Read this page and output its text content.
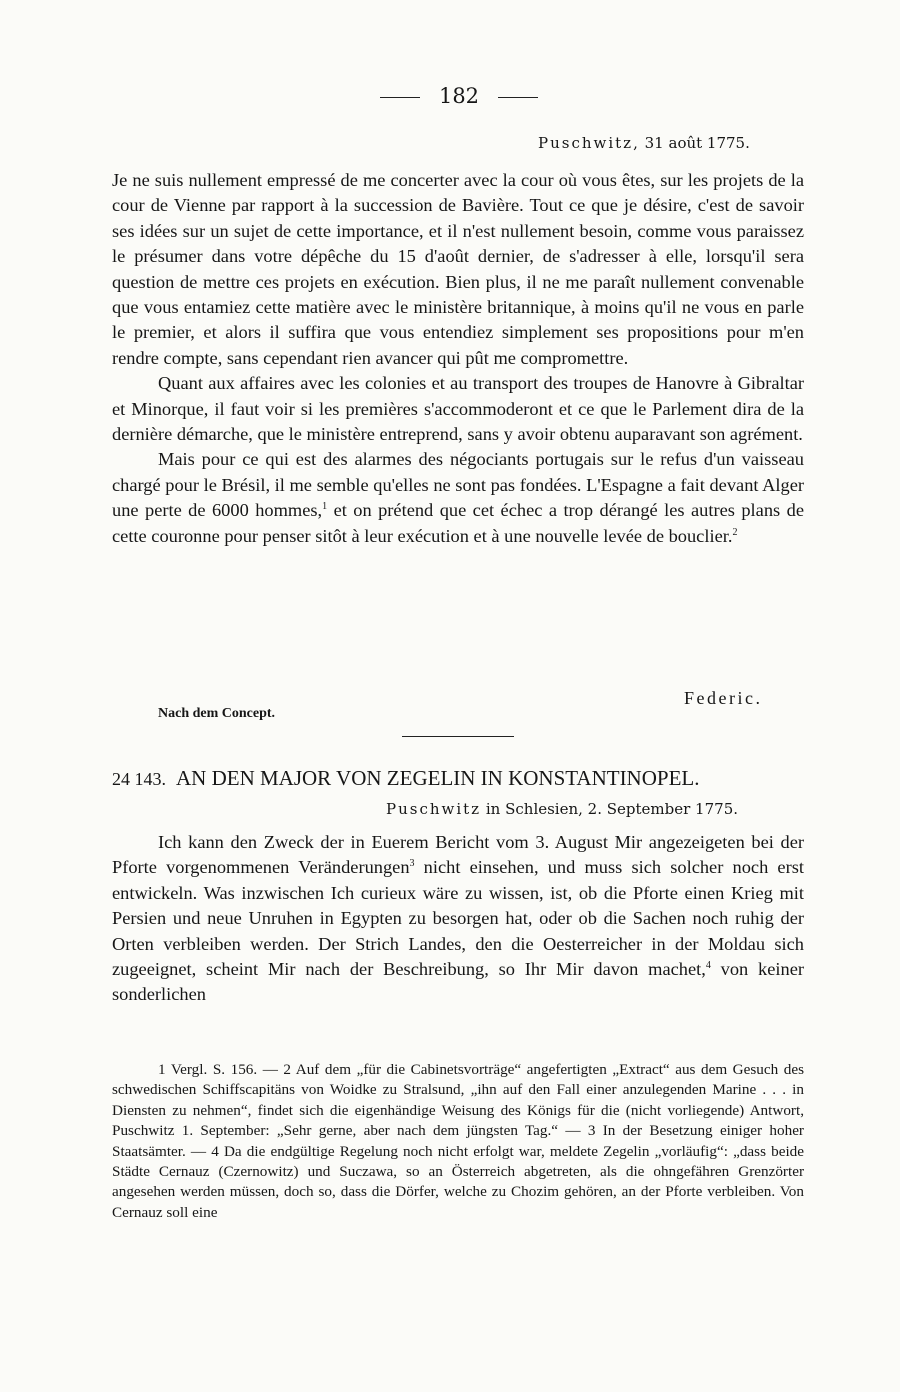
182
Puschwitz, 31 août 1775.

Je ne suis nullement empressé de me concerter avec la cour où vous êtes, sur les projets de la cour de Vienne par rapport à la succession de Bavière. Tout ce que je désire, c'est de savoir ses idées sur un sujet de cette importance, et il n'est nullement besoin, comme vous paraissez le présumer dans votre dépêche du 15 d'août dernier, de s'adresser à elle, lorsqu'il sera question de mettre ces projets en exécution. Bien plus, il ne me paraît nullement convenable que vous entamiez cette matière avec le ministère britannique, à moins qu'il ne vous en parle le premier, et alors il suffira que vous entendiez simplement ses propositions pour m'en rendre compte, sans cependant rien avancer qui pût me compromettre.

Quant aux affaires avec les colonies et au transport des troupes de Hanovre à Gibraltar et Minorque, il faut voir si les premières s'accommoderont et ce que le Parlement dira de la dernière démarche, que le ministère entreprend, sans y avoir obtenu auparavant son agrément.

Mais pour ce qui est des alarmes des négociants portugais sur le refus d'un vaisseau chargé pour le Brésil, il me semble qu'elles ne sont pas fondées. L'Espagne a fait devant Alger une perte de 6000 hommes,$^1$ et on prétend que cet échec a trop dérangé les autres plans de cette couronne pour penser sitôt à leur exécution et à une nouvelle levée de bouclier.$^2$

Federic.
Nach dem Concept.
24 143. AN DEN MAJOR VON ZEGELIN IN KONSTANTINOPEL.
Puschwitz in Schlesien, 2. September 1775.

Ich kann den Zweck der in Euerem Bericht vom 3. August Mir angezeigeten bei der Pforte vorgenommenen Veränderungen$^3$ nicht einsehen, und muss sich solcher noch erst entwickeln. Was inzwischen Ich curieux wäre zu wissen, ist, ob die Pforte einen Krieg mit Persien und neue Unruhen in Egypten zu besorgen hat, oder ob die Sachen noch ruhig der Orten verbleiben werden. Der Strich Landes, den die Oesterreicher in der Moldau sich zugeeignet, scheint Mir nach der Beschreibung, so Ihr Mir davon machet,$^4$ von keiner sonderlichen

1 Vergl. S. 156. — 2 Auf dem „für die Cabinetsvorträge“ angefertigten „Extract“ aus dem Gesuch des schwedischen Schiffscapitäns von Woidke zu Stralsund, „ihn auf den Fall einer anzulegenden Marine . . . in Diensten zu nehmen“, findet sich die eigenhändige Weisung des Königs für die (nicht vorliegende) Antwort, Puschwitz 1. September: „Sehr gerne, aber nach dem jüngsten Tag.“ — 3 In der Besetzung einiger hoher Staatsämter. — 4 Da die endgültige Regelung noch nicht erfolgt war, meldete Zegelin „vorläufig“: „dass beide Städte Cernauz (Czernowitz) und Suczawa, so an Österreich abgetreten, als die ohngefähren Grenzörter angesehen werden müssen, doch so, dass die Dörfer, welche zu Chozim gehören, an der Pforte verbleiben. Von Cernauz soll eine
